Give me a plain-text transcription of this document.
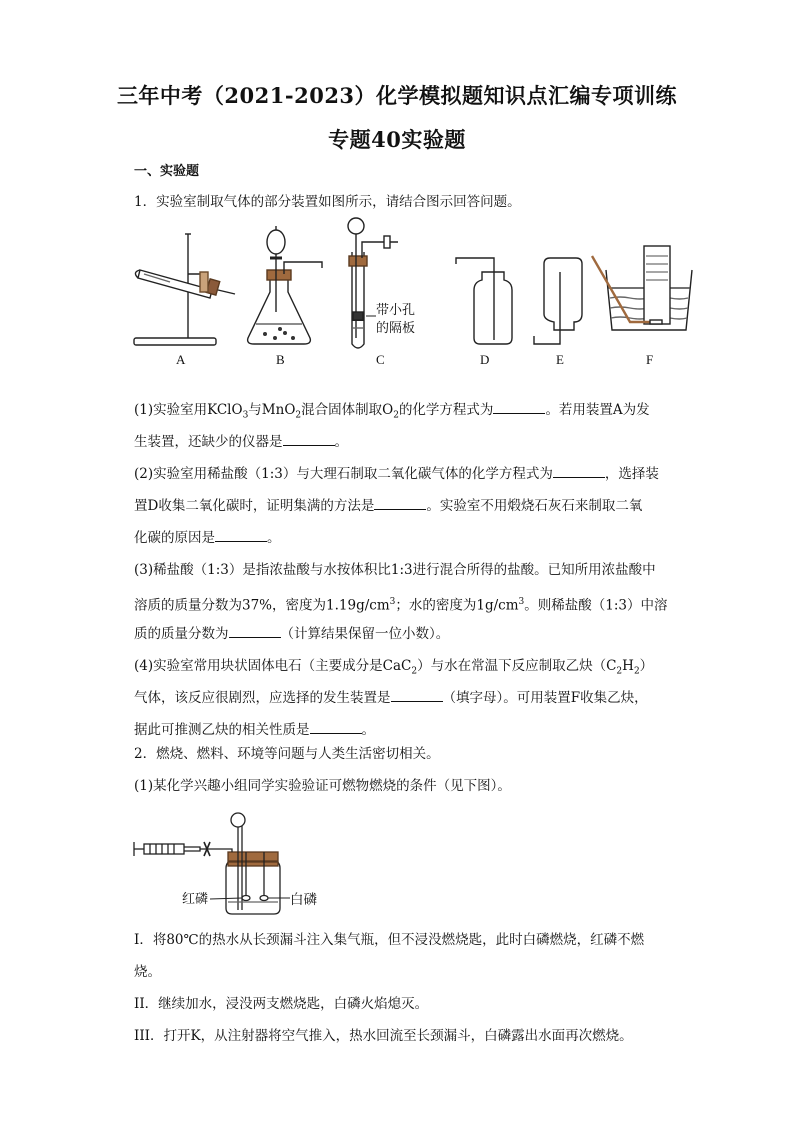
三年中考（2021-2023）化学模拟题知识点汇编专项训练
专题40实验题
一、实验题
1．实验室制取气体的部分装置如图所示，请结合图示回答问题。
带小孔
的隔板
A	B	C	D	E	F
(1)实验室用KClO$_3$与MnO$_2$混合固体制取$O_2$的化学方程式为	。若用装置A为发
生装置，还缺少的仪器是	。
(2)实验室用稀盐酸（1:3）与大理石制取二氧化碳气体的化学方程式为	，选择装
置D收集二氧化碳时，证明集满的方法是	。实验室不用煅烧石灰石来制取二氧
化碳的原因是	。
(3)稀盐酸（1:3）是指浓盐酸与水按体积比1:3进行混合所得的盐酸。已知所用浓盐酸中
溶质的质量分数为37%，密度为$1.19g/cm^3$；水的密度为$1g/cm^3$。则稀盐酸（1:3）中溶
质的质量分数为	（计算结果保留一位小数）。
(4)实验室常用块状固体电石（主要成分是CaC$_2$）与水在常温下反应制取乙炔$(C_2H_2)$
气体，该反应很剧烈，应选择的发生装置是	（填字母）。可用装置F收集乙炔，
据此可推测乙炔的相关性质是	。
2．燃烧、燃料、环境等问题与人类生活密切相关。
(1)某化学兴趣小组同学实验验证可燃物燃烧的条件（见下图）。
红磷	白磷
I．将80℃的热水从长颈漏斗注入集气瓶，但不浸没燃烧匙，此时白磷燃烧，红磷不燃
烧。
II．继续加水，浸没两支燃烧匙，白磷火焰熄灭。
III．打开K，从注射器将空气推入，热水回流至长颈漏斗，白磷露出水面再次燃烧。
